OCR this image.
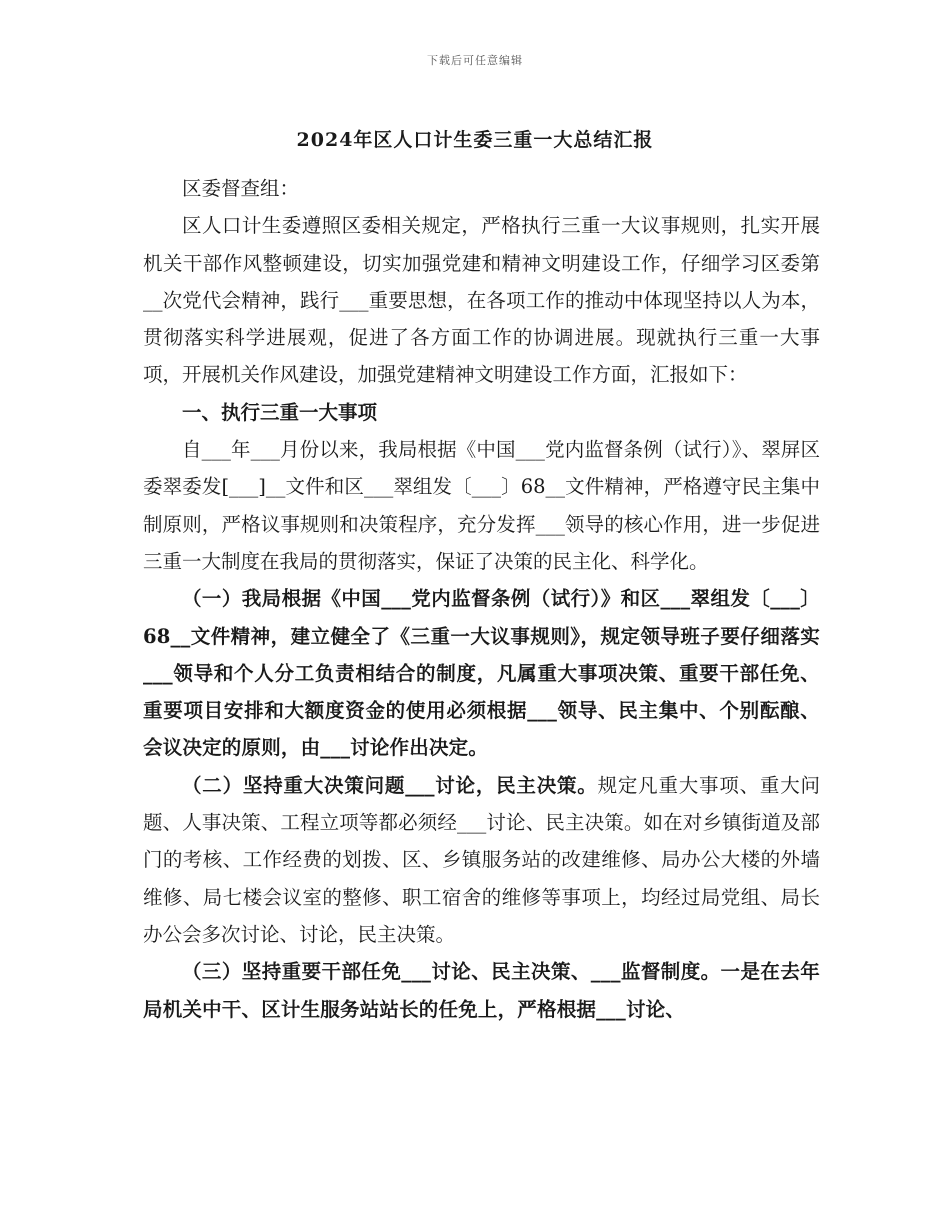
下载后可任意编辑
2024年区人口计生委三重一大总结汇报

区委督查组：

区人口计生委遵照区委相关规定，严格执行三重一大议事规则，扎实开展机关干部作风整顿建设，切实加强党建和精神文明建设工作，仔细学习区委第__次党代会精神，践行___重要思想，在各项工作的推动中体现坚持以人为本，贯彻落实科学进展观，促进了各方面工作的协调进展。现就执行三重一大事项，开展机关作风建设，加强党建精神文明建设工作方面，汇报如下：

一、执行三重一大事项

自___年___月份以来，我局根据《中国___党内监督条例（试行）》、翠屏区委翠委发[___]__文件和区___翠组发〔___〕68__文件精神，严格遵守民主集中制原则，严格议事规则和决策程序，充分发挥___领导的核心作用，进一步促进三重一大制度在我局的贯彻落实，保证了决策的民主化、科学化。

（一）我局根据《中国___党内监督条例（试行）》和区___翠组发〔___〕68__文件精神，建立健全了《三重一大议事规则》，规定领导班子要仔细落实___领导和个人分工负责相结合的制度，凡属重大事项决策、重要干部任免、重要项目安排和大额度资金的使用必须根据___领导、民主集中、个别酝酿、会议决定的原则，由___讨论作出决定。

（二）坚持重大决策问题___讨论，民主决策。规定凡重大事项、重大问题、人事决策、工程立项等都必须经___讨论、民主决策。如在对乡镇街道及部门的考核、工作经费的划拨、区、乡镇服务站的改建维修、局办公大楼的外墙维修、局七楼会议室的整修、职工宿舍的维修等事项上，均经过局党组、局长办公会多次讨论、讨论，民主决策。

（三）坚持重要干部任免___讨论、民主决策、___监督制度。一是在去年局机关中干、区计生服务站站长的任免上，严格根据___讨论、
